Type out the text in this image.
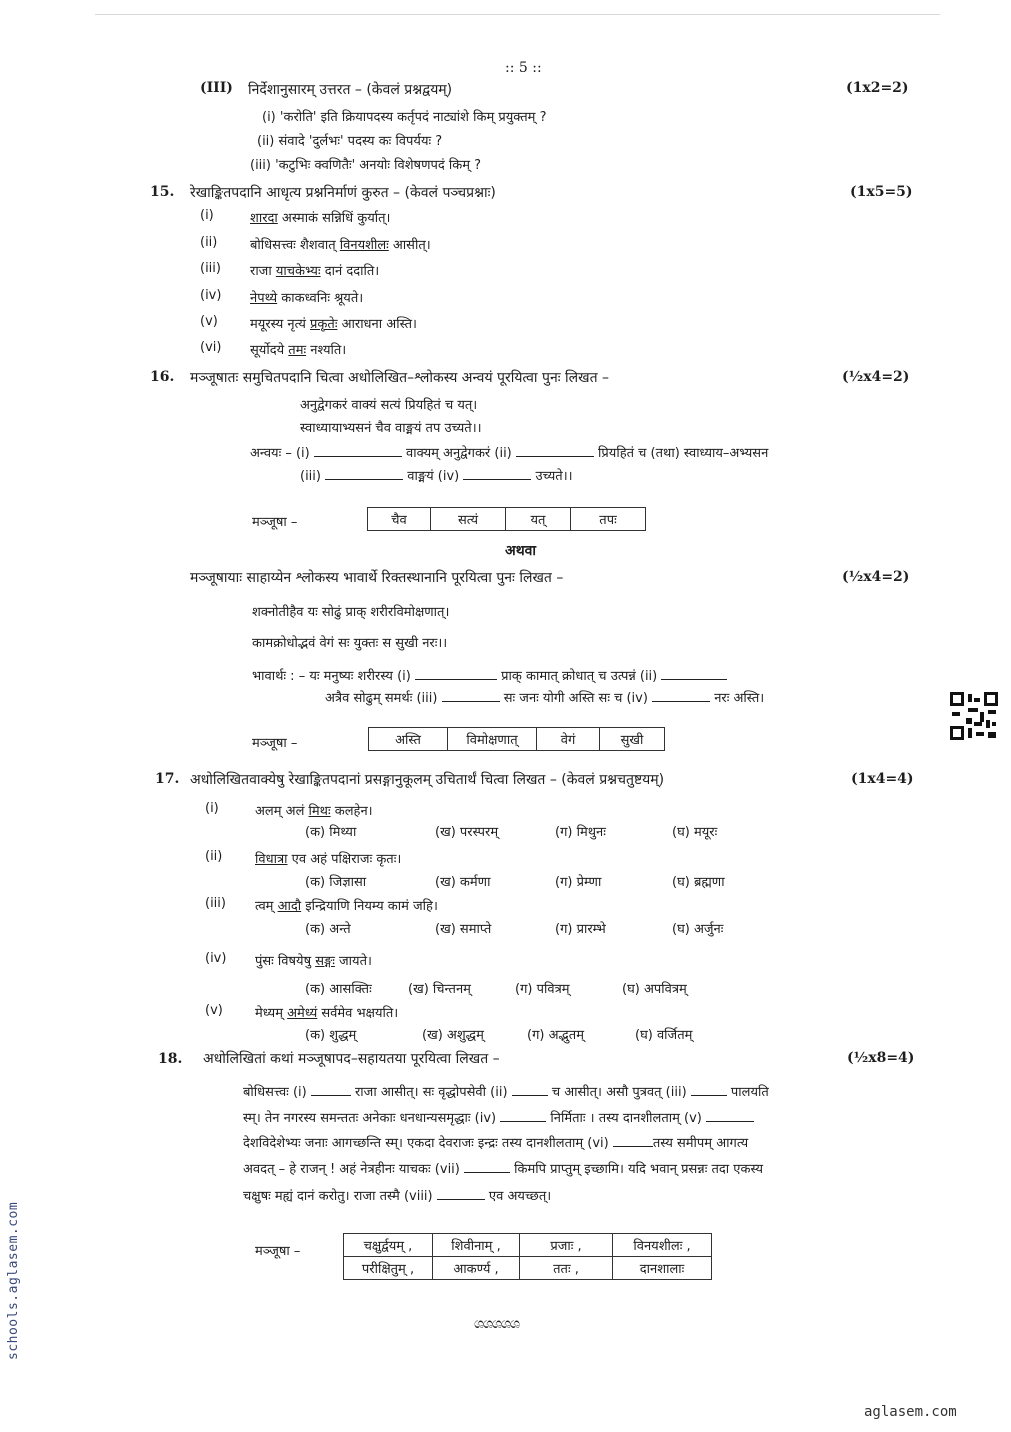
:: 5 ::
(III) निर्देशानुसारम् उत्तरत – (केवलं प्रश्नद्वयम्)	(1x2=2)
(i) 'करोति' इति क्रियापदस्य कर्तृपदं नाट्यांशे किम् प्रयुक्तम् ?
(ii) संवादे 'दुर्लभः' पदस्य कः विपर्ययः ?
(iii) 'कटुभिः क्वणितैः' अनयोः विशेषणपदं किम् ?
15. रेखाङ्कितपदानि आधृत्य प्रश्ननिर्माणं कुरुत – (केवलं पञ्चप्रश्नाः)	(1x5=5)
(i)	शारदा अस्माकं सन्निधिं कुर्यात्।
(ii)	बोधिसत्त्वः शैशवात् विनयशीलः आसीत्।
(iii) राजा याचकेभ्यः दानं ददाति।
(iv) नेपथ्ये काकध्वनिः श्रूयते।
(v) मयूरस्य नृत्यं प्रकृतेः आराधना अस्ति।
(vi) सूर्योदये तमः नश्यति।
16. मञ्जूषातः समुचितपदानि चित्वा अधोलिखित–श्लोकस्य अन्वयं पूरयित्वा पुनः लिखत –	(½x4=2)
अनुद्वेगकरं वाक्यं सत्यं प्रियहितं च यत्।
स्वाध्यायाभ्यसनं चैव वाङ्मयं तप उच्यते।।
अन्वयः – (i)	वाक्यम् अनुद्वेगकरं (ii)	प्रियहितं च (तथा) स्वाध्याय–अभ्यसन
(iii)	वाङ्मयं (iv)	उच्यते।।
मञ्जूषा –	चैव	सत्यं	यत्	तपः
अथवा
मञ्जूषायाः साहाय्येन श्लोकस्य भावार्थे रिक्तस्थानानि पूरयित्वा पुनः लिखत –	(½x4=2)
शक्नोतीहैव यः सोढुं प्राक् शरीरविमोक्षणात्।
कामक्रोधोद्भवं वेगं सः युक्तः स सुखी नरः।।
भावार्थः : – यः मनुष्यः शरीरस्य (i)	प्राक् कामात् क्रोधात् च उत्पन्नं (ii)
अत्रैव सोढुम् समर्थः (iii)	सः जनः योगी अस्ति सः च (iv)	नरः अस्ति।
मञ्जूषा –	अस्ति	विमोक्षणात्	वेगं	सुखी
17. अधोलिखितवाक्येषु रेखाङ्कितपदानां प्रसङ्गानुकूलम् उचितार्थं चित्वा लिखत – (केवलं प्रश्नचतुष्टयम्)	(1x4=4)
(i)	अलम् अलं मिथः कलहेन।
(क) मिथ्या	(ख) परस्परम्	(ग) मिथुनः	(घ) मयूरः
(ii)	विधात्रा एव अहं पक्षिराजः कृतः।
(क) जिज्ञासा	(ख) कर्मणा	(ग) प्रेम्णा	(घ) ब्रह्मणा
(iii) त्वम् आदौ इन्द्रियाणि नियम्य कामं जहि।
(क) अन्ते	(ख) समाप्ते	(ग) प्रारम्भे	(घ) अर्जुनः
(iv) पुंसः विषयेषु सङ्गः जायते।
(क) आसक्तिः	(ख) चिन्तनम्	(ग) पवित्रम्	(घ) अपवित्रम्
(v) मेध्यम् अमेध्यं सर्वमेव भक्षयति।
(क) शुद्धम्	(ख) अशुद्धम्	(ग) अद्भुतम्	(घ) वर्जितम्
18. अधोलिखितां कथां मञ्जूषापद–सहायतया पूरयित्वा लिखत –	(½x8=4)
बोधिसत्त्वः (i)	राजा आसीत्। सः वृद्धोपसेवी (ii)	च आसीत्। असौ पुत्रवत् (iii)	पालयति
स्म्। तेन नगरस्य समन्ततः अनेकाः धनधान्यसमृद्धाः (iv)	निर्मिताः । तस्य दानशीलताम् (v)
देशविदेशेभ्यः जनाः आगच्छन्ति स्म्। एकदा देवराजः इन्द्रः तस्य दानशीलताम् (vi)	तस्य समीपम् आगत्य
अवदत् – हे राजन् ! अहं नेत्रहीनः याचकः (vii)	किमपि प्राप्तुम् इच्छामि। यदि भवान् प्रसन्नः तदा एकस्य
चक्षुषः मह्यं दानं करोतु। राजा तस्मै (viii)	एव अयच्छत्।
मञ्जूषा –	चक्षुर्द्वयम् ,	शिवीनाम् ,	प्रजाः ,	विनयशीलः ,
परीक्षितुम् ,	आकर्ण्य ,	ततः ,	दानशालाः
ශශශශශ
schools.aglasem.com
aglasem.com
